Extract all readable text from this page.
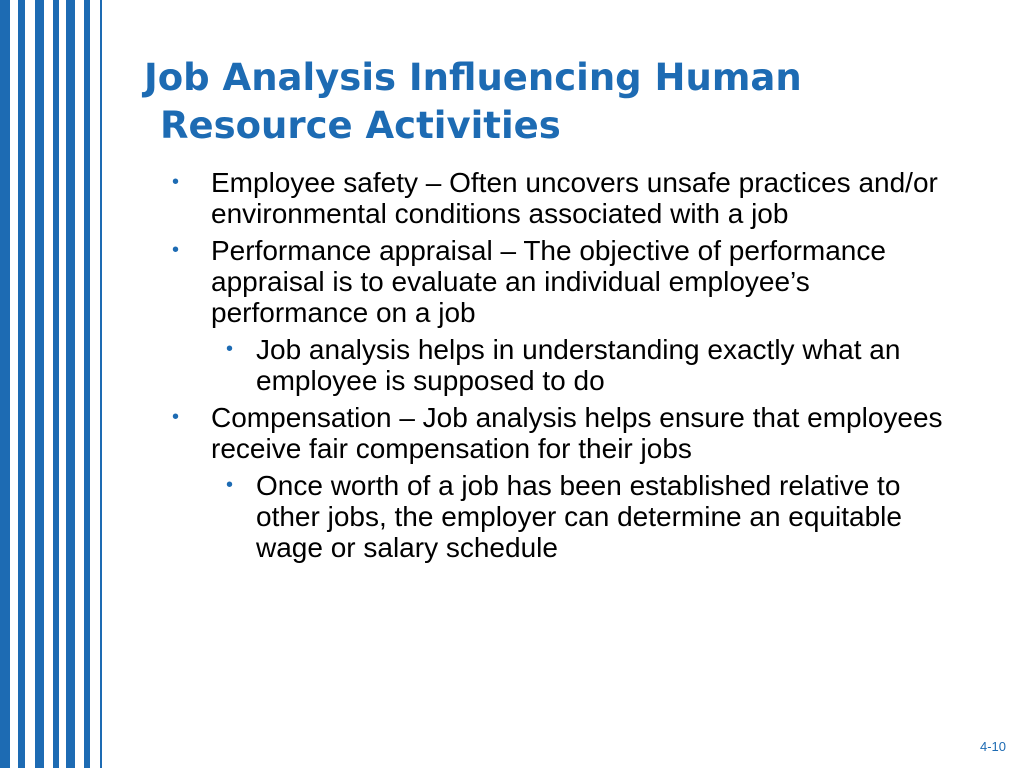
Job Analysis Influencing Human
Resource Activities
• Employee safety – Often uncovers unsafe practices and/or environmental conditions associated with a job
• Performance appraisal – The objective of performance appraisal is to evaluate an individual employee’s performance on a job
• Job analysis helps in understanding exactly what an employee is supposed to do
• Compensation – Job analysis helps ensure that employees receive fair compensation for their jobs
• Once worth of a job has been established relative to other jobs, the employer can determine an equitable wage or salary schedule
4-10
